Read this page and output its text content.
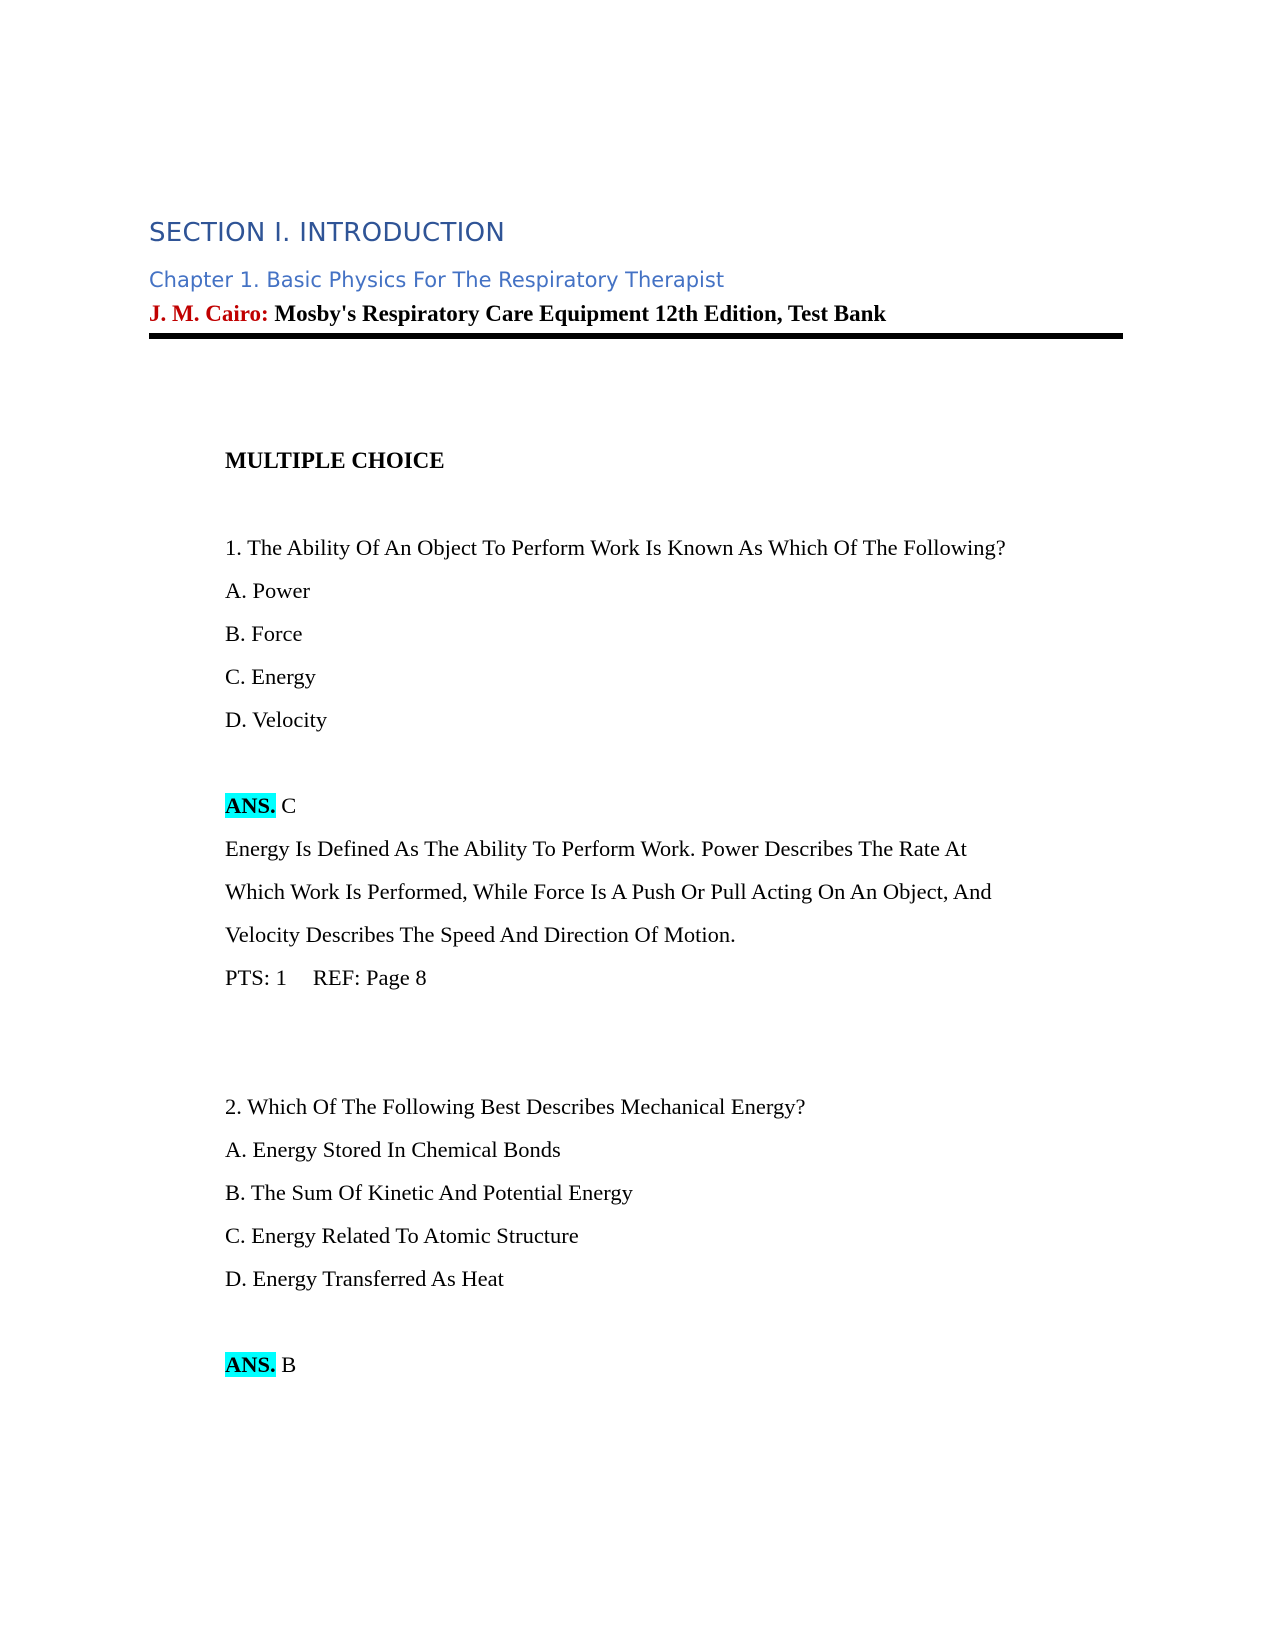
SECTION I. INTRODUCTION
Chapter 1. Basic Physics For The Respiratory Therapist
J. M. Cairo: Mosby's Respiratory Care Equipment 12th Edition, Test Bank
MULTIPLE CHOICE
1. The Ability Of An Object To Perform Work Is Known As Which Of The Following?
A. Power
B. Force
C. Energy
D. Velocity
ANS. C
Energy Is Defined As The Ability To Perform Work. Power Describes The Rate At
Which Work Is Performed, While Force Is A Push Or Pull Acting On An Object, And
Velocity Describes The Speed And Direction Of Motion.
PTS: 1 REF: Page 8
2. Which Of The Following Best Describes Mechanical Energy?
A. Energy Stored In Chemical Bonds
B. The Sum Of Kinetic And Potential Energy
C. Energy Related To Atomic Structure
D. Energy Transferred As Heat
ANS. B
